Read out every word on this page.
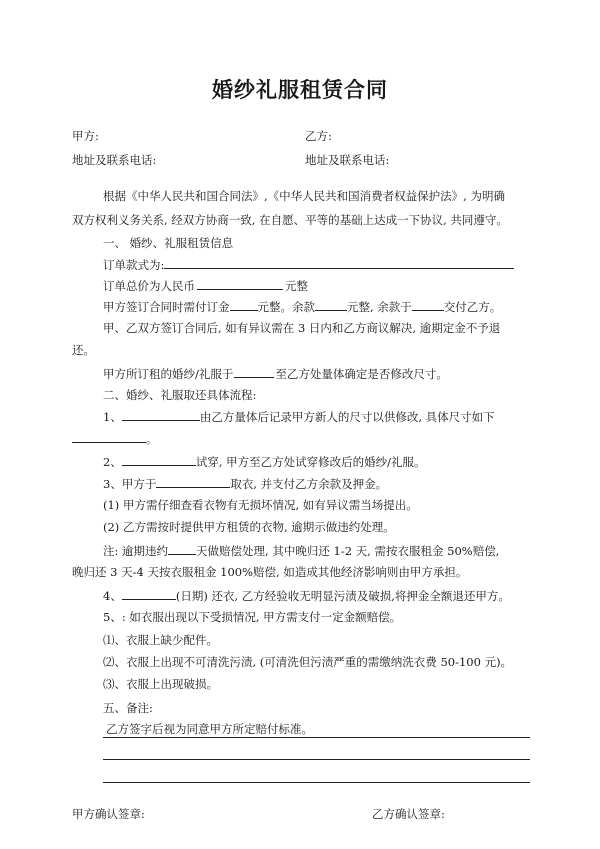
婚纱礼服租赁合同
甲方:	乙方:
地址及联系电话:	地址及联系电话:
根据《中华人民共和国合同法》,《中华人民共和国消费者权益保护法》, 为明确
双方权利义务关系, 经双方协商一致, 在自愿、平等的基础上达成一下协议, 共同遵守。
一、 婚纱、礼服租赁信息
订单款式为:
订单总价为人民币	元整
甲方签订合同时需付订金 元整。余款	元整, 余款于	交付乙方。
甲、乙双方签订合同后, 如有异议需在 3 日内和乙方商议解决, 逾期定金不予退
还。
甲方所订租的婚纱/礼服于	至乙方处量体确定是否修改尺寸。
二、婚纱、礼服取还具体流程:
1、	由乙方量体后记录甲方新人的尺寸以供修改, 具体尺寸如下
。
2、	试穿, 甲方至乙方处试穿修改后的婚纱/礼服。
3、甲方于	取衣, 并支付乙方余款及押金。
(1) 甲方需仔细查看衣物有无损坏情况, 如有异议需当场提出。
(2) 乙方需按时提供甲方租赁的衣物, 逾期示做违约处理。
注: 逾期违约 天做赔偿处理, 其中晚归还 1-2 天, 需按衣服租金 50%赔偿,
晚归还 3 天-4 天按衣服租金 100%赔偿, 如造成其他经济影响则由甲方承担。
4、	(日期) 还衣, 乙方经验收无明显污渍及破损,将押金全额退还甲方。
5、: 如衣服出现以下受损情况, 甲方需支付一定金额赔偿。
⑴、衣服上缺少配件。
⑵、衣服上出现不可清洗污渍, (可清洗但污渍严重的需缴纳洗衣费 50-100 元)。
⑶、衣服上出现破损。
五、备注:
乙方签字后视为同意甲方所定赔付标准。
甲方确认签章:	乙方确认签章:
